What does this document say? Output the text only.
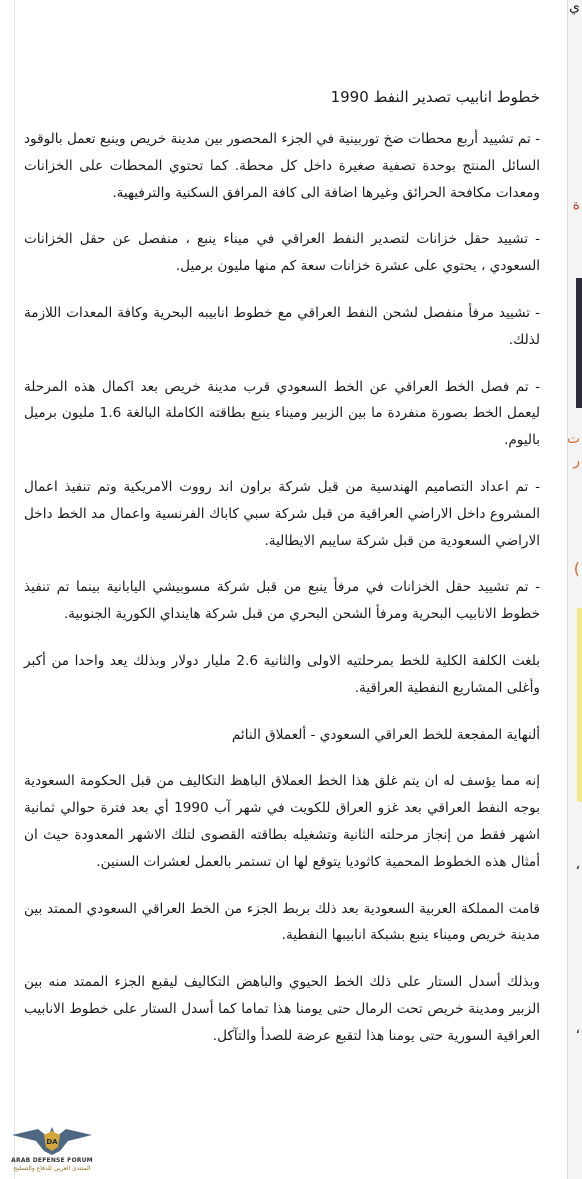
ي
ة
ت
ر
(
،
،
خطوط انابيب تصدير النفط 1990

- تم تشييد أربع محطات ضخ توربينية في الجزء المحصور بين مدينة خريص وينبع تعمل بالوقود السائل المنتج بوحدة تصفية صغيرة داخل كل محطة. كما تحتوي المحطات على الخزانات ومعدات مكافحة الحرائق وغيرها اضافة الى كافة المرافق السكنية والترفيهية.

- تشييد حقل خزانات لتصدير النفط العراقي في ميناء ينبع ، منفصل عن حقل الخزانات السعودي ، يحتوي على عشرة خزانات سعة كم منها مليون برميل.

- تشييد مرفأ منفصل لشحن النفط العراقي مع خطوط انابيبه البحرية وكافة المعدات اللازمة لذلك.

- تم فصل الخط العراقي عن الخط السعودي قرب مدينة خريص بعد اكمال هذه المرحلة ليعمل الخط بصورة منفردة ما بين الزبير وميناء ينبع بطاقته الكاملة البالغة 1.6 مليون برميل باليوم.

- تم اعداد التصاميم الهندسية من قبل شركة براون اند رووت الامريكية وتم تنفيذ اعمال المشروع داخل الاراضي العراقية من قبل شركة سبي كاباك الفرنسية واعمال مد الخط داخل الاراضي السعودية من قبل شركة سايبم الايطالية.

- تم تشييد حقل الخزانات في مرفأ ينبع من قبل شركة مسوبيشي اليابانية بينما تم تنفيذ خطوط الانابيب البحرية ومرفأ الشحن البحري من قبل شركة هاينداي الكورية الجنوبية.

بلغت الكلفة الكلية للخط بمرحلتيه الاولى والثانية 2.6 مليار دولار وبذلك يعد واحدا من أكبر وأغلى المشاريع النفطية العراقية.

ألنهاية المفجعة للخط العراقي السعودي - ألعملاق النائم

إنه مما يؤسف له ان يتم غلق هذا الخط العملاق الباهظ التكاليف من قبل الحكومة السعودية بوجه النفط العراقي بعد غزو العراق للكويت في شهر آب 1990 أي بعد فترة حوالي ثمانية اشهر فقط من إنجاز مرحلته الثانية وتشغيله بطاقته القصوى لتلك الاشهر المعدودة حيث ان أمثال هذه الخطوط المحمية كاثوديا يتوقع لها ان تستمر بالعمل لعشرات السنين.

قامت المملكة العربية السعودية بعد ذلك بربط الجزء من الخط العراقي السعودي الممتد بين مدينة خريص وميناء ينبع بشبكة انابيبها النفطية.

وبذلك أسدل الستار على ذلك الخط الحيوي والباهض التكاليف ليقبع الجزء الممتد منه بين الزبير ومدينة خريص تحت الرمال حتى يومنا هذا تماما كما أسدل الستار على خطوط الانابيب العراقية السورية حتى يومنا هذا لتقبع عرضة للصدأ والتآكل.

DA
ARAB DEFENSE FORUM
المنتدى العربي للدفاع والتسليح
